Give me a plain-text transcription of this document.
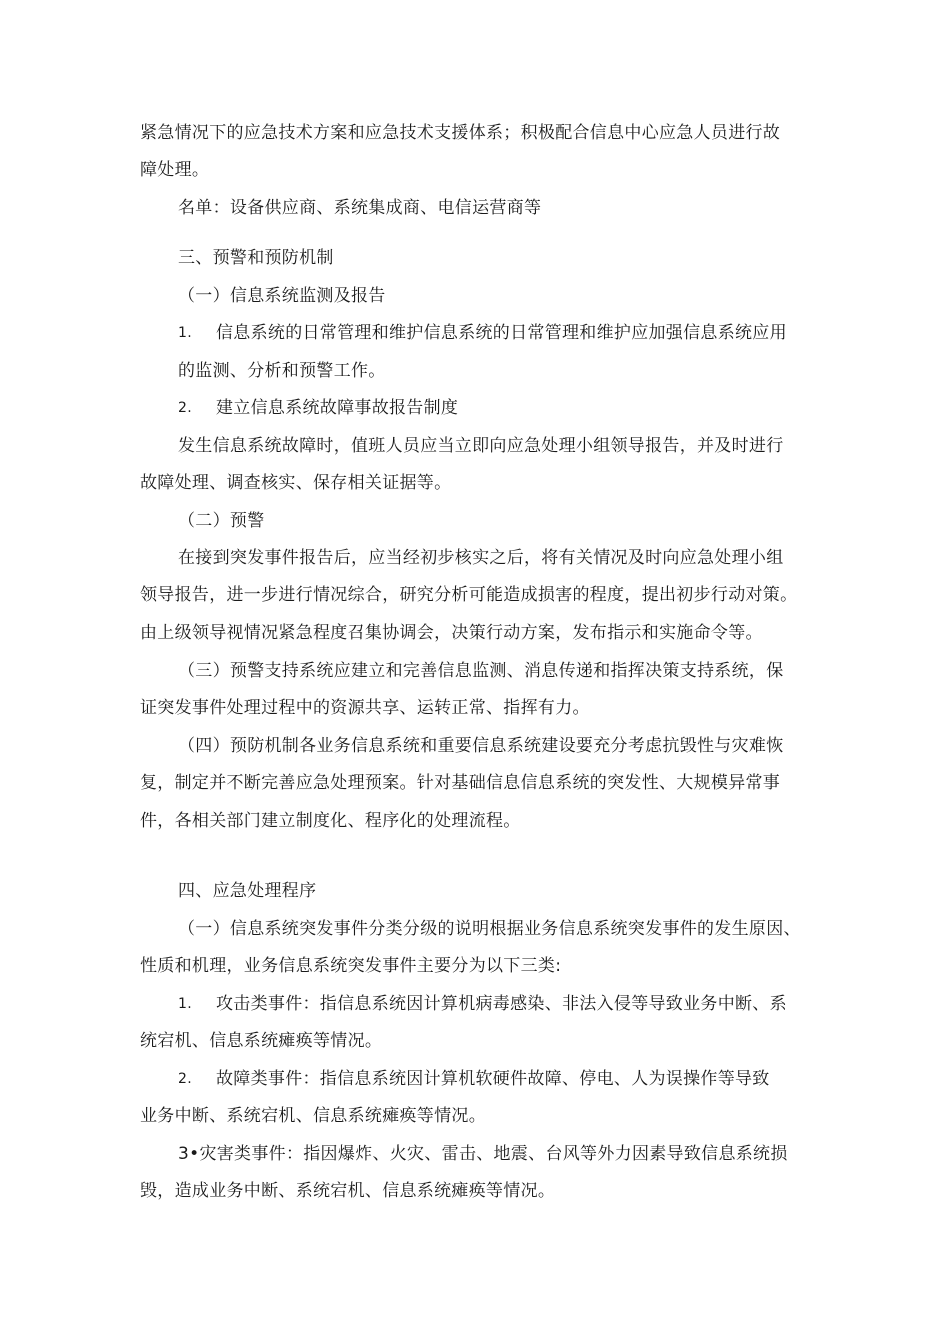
紧急情况下的应急技术方案和应急技术支援体系；积极配合信息中心应急人员进行故
障处理。
名单：设备供应商、系统集成商、电信运营商等
三、预警和预防机制
（一）信息系统监测及报告
1. 信息系统的日常管理和维护信息系统的日常管理和维护应加强信息系统应用
的监测、分析和预警工作。
2. 建立信息系统故障事故报告制度
发生信息系统故障时，值班人员应当立即向应急处理小组领导报告，并及时进行
故障处理、调查核实、保存相关证据等。
（二）预警
在接到突发事件报告后，应当经初步核实之后，将有关情况及时向应急处理小组
领导报告，进一步进行情况综合，研究分析可能造成损害的程度，提出初步行动对策。
由上级领导视情况紧急程度召集协调会，决策行动方案，发布指示和实施命令等。
（三）预警支持系统应建立和完善信息监测、消息传递和指挥决策支持系统，保
证突发事件处理过程中的资源共享、运转正常、指挥有力。
（四）预防机制各业务信息系统和重要信息系统建设要充分考虑抗毁性与灾难恢
复，制定并不断完善应急处理预案。针对基础信息信息系统的突发性、大规模异常事
件，各相关部门建立制度化、程序化的处理流程。
四、应急处理程序
（一）信息系统突发事件分类分级的说明根据业务信息系统突发事件的发生原因、
性质和机理，业务信息系统突发事件主要分为以下三类:
1. 攻击类事件：指信息系统因计算机病毒感染、非法入侵等导致业务中断、系
统宕机、信息系统瘫痪等情况。
2. 故障类事件：指信息系统因计算机软硬件故障、停电、人为误操作等导致
业务中断、系统宕机、信息系统瘫痪等情况。
3•灾害类事件：指因爆炸、火灾、雷击、地震、台风等外力因素导致信息系统损
毁，造成业务中断、系统宕机、信息系统瘫痪等情况。
